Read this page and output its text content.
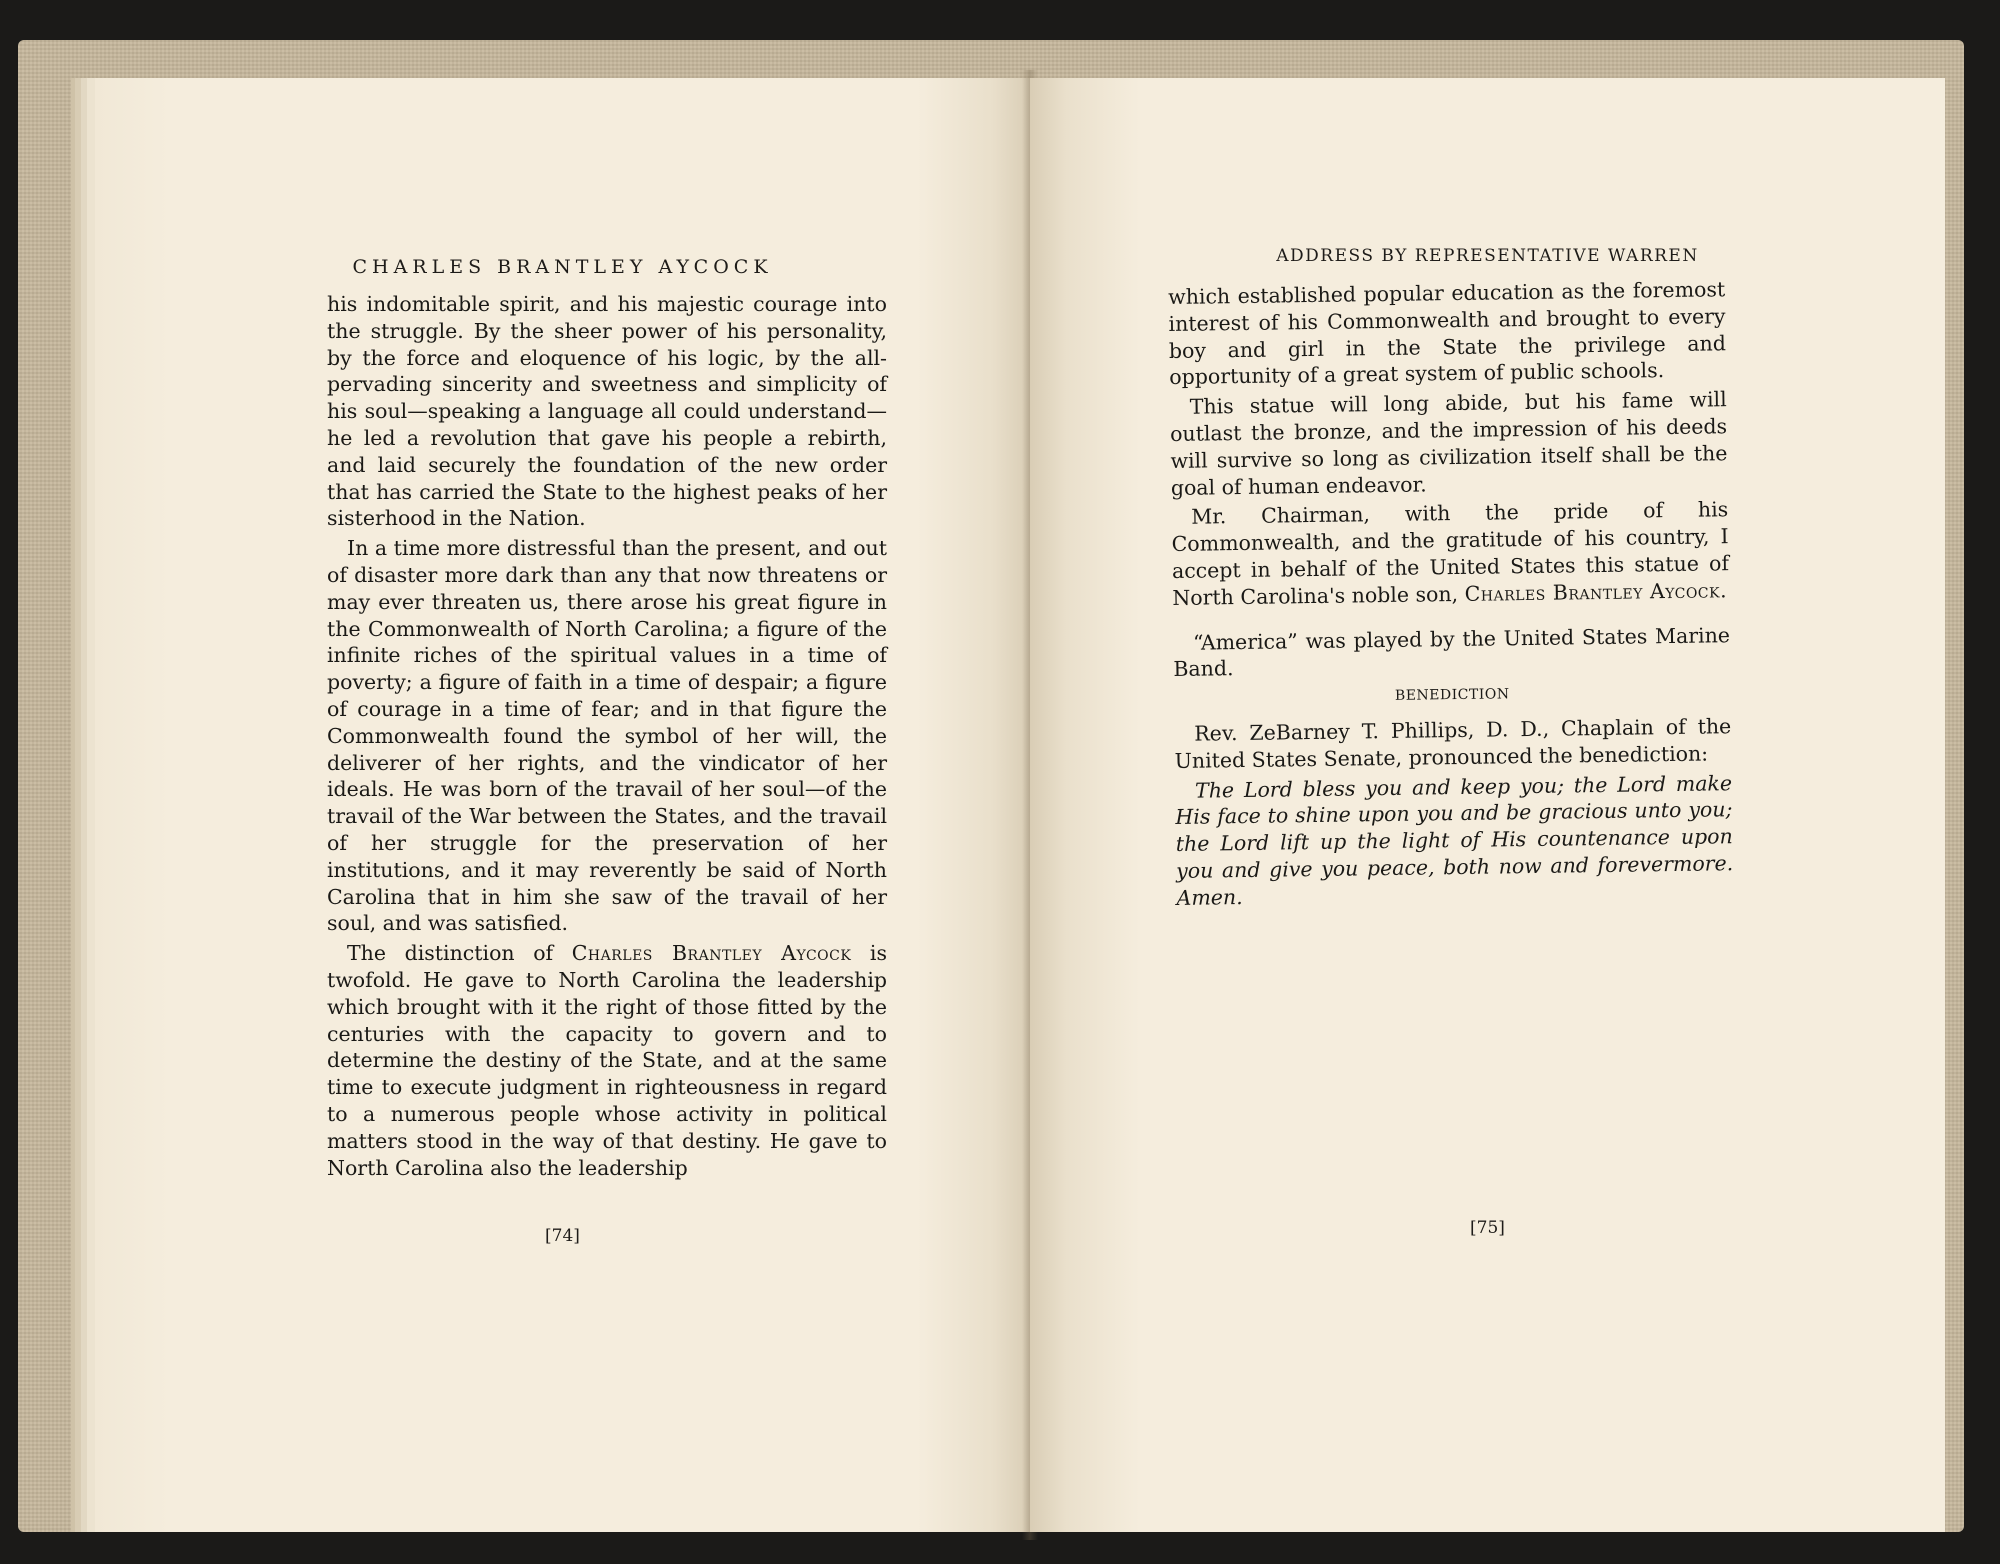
CHARLES BRANTLEY AYCOCK

his indomitable spirit, and his majestic courage into the struggle. By the sheer power of his personality, by the force and eloquence of his logic, by the all-pervading sincerity and sweetness and simplicity of his soul—speaking a language all could understand—he led a revolution that gave his people a rebirth, and laid securely the foundation of the new order that has carried the State to the highest peaks of her sisterhood in the Nation.

In a time more distressful than the present, and out of disaster more dark than any that now threatens or may ever threaten us, there arose his great figure in the Commonwealth of North Carolina; a figure of the infinite riches of the spiritual values in a time of poverty; a figure of faith in a time of despair; a figure of courage in a time of fear; and in that figure the Commonwealth found the symbol of her will, the deliverer of her rights, and the vindicator of her ideals. He was born of the travail of her soul—of the travail of the War between the States, and the travail of her struggle for the preservation of her institutions, and it may reverently be said of North Carolina that in him she saw of the travail of her soul, and was satisfied.

The distinction of Charles Brantley Aycock is twofold. He gave to North Carolina the leadership which brought with it the right of those fitted by the centuries with the capacity to govern and to determine the destiny of the State, and at the same time to execute judgment in righteousness in regard to a numerous people whose activity in political matters stood in the way of that destiny. He gave to North Carolina also the leadership

[74]
ADDRESS BY REPRESENTATIVE WARREN

which established popular education as the foremost interest of his Commonwealth and brought to every boy and girl in the State the privilege and opportunity of a great system of public schools.

This statue will long abide, but his fame will outlast the bronze, and the impression of his deeds will survive so long as civilization itself shall be the goal of human endeavor.

Mr. Chairman, with the pride of his Commonwealth, and the gratitude of his country, I accept in behalf of the United States this statue of North Carolina's noble son, Charles Brantley Aycock.

“America” was played by the United States Marine Band.

BENEDICTION

Rev. ZeBarney T. Phillips, D. D., Chaplain of the United States Senate, pronounced the benediction:

The Lord bless you and keep you; the Lord make His face to shine upon you and be gracious unto you; the Lord lift up the light of His countenance upon you and give you peace, both now and forevermore. Amen.

[75]
